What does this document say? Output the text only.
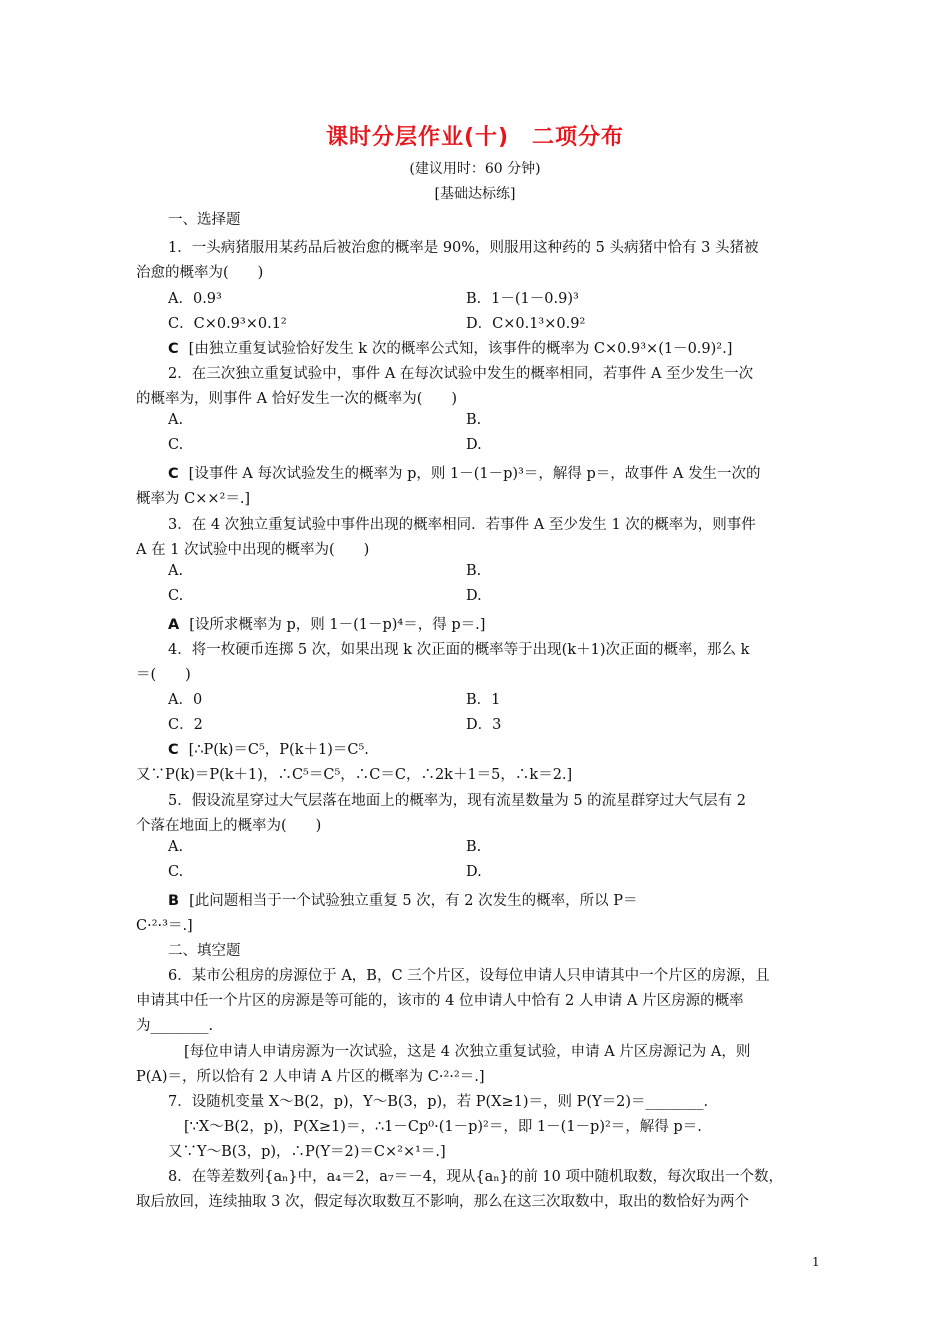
课时分层作业(十)　二项分布
(建议用时：60 分钟)
[基础达标练]
一、选择题
1．一头病猪服用某药品后被治愈的概率是 90%，则服用这种药的 5 头病猪中恰有 3 头猪被
治愈的概率为(　　)
A．0.9³	B．1－(1－0.9)³
C．C×0.9³×0.1²	D．C×0.1³×0.9²
C [由独立重复试验恰好发生 k 次的概率公式知，该事件的概率为 C×0.9³×(1－0.9)².]
2．在三次独立重复试验中，事件 A 在每次试验中发生的概率相同，若事件 A 至少发生一次
的概率为，则事件 A 恰好发生一次的概率为(　　)
A.	B.
C.	D.
C [设事件 A 每次试验发生的概率为 p，则 1－(1－p)³＝，解得 p＝，故事件 A 发生一次的
概率为 C××²＝.]
3．在 4 次独立重复试验中事件出现的概率相同．若事件 A 至少发生 1 次的概率为，则事件
A 在 1 次试验中出现的概率为(　　)
A.	B.
C.	D.
A [设所求概率为 p，则 1－(1－p)⁴＝，得 p＝.]
4．将一枚硬币连掷 5 次，如果出现 k 次正面的概率等于出现(k＋1)次正面的概率，那么 k
＝(　　)
A．0	B．1
C．2	D．3
C [∴P(k)＝C⁵，P(k＋1)＝C⁵.
又∵P(k)＝P(k＋1)，∴C⁵＝C⁵，∴C＝C，∴2k＋1＝5，∴k＝2.]
5．假设流星穿过大气层落在地面上的概率为，现有流星数量为 5 的流星群穿过大气层有 2
个落在地面上的概率为(　　)
A.	B.
C.	D.
B [此问题相当于一个试验独立重复 5 次，有 2 次发生的概率，所以 P＝
C·²·³＝.]
二、填空题
6．某市公租房的房源位于 A，B，C 三个片区，设每位申请人只申请其中一个片区的房源，且
申请其中任一个片区的房源是等可能的，该市的 4 位申请人中恰有 2 人申请 A 片区房源的概率
为________.
[每位申请人申请房源为一次试验，这是 4 次独立重复试验，申请 A 片区房源记为 A，则
P(A)＝，所以恰有 2 人申请 A 片区的概率为 C·²·²＝.]
7．设随机变量 X～B(2，p)，Y～B(3，p)，若 P(X≥1)＝，则 P(Y＝2)＝________.
[∵X～B(2，p)，P(X≥1)＝，∴1－Cp⁰·(1－p)²＝，即 1－(1－p)²＝，解得 p＝.
又∵Y～B(3，p)，∴P(Y＝2)＝C×²×¹＝.]
8．在等差数列{aₙ}中，a₄＝2，a₇＝－4，现从{aₙ}的前 10 项中随机取数，每次取出一个数，
取后放回，连续抽取 3 次，假定每次取数互不影响，那么在这三次取数中，取出的数恰好为两个
1
